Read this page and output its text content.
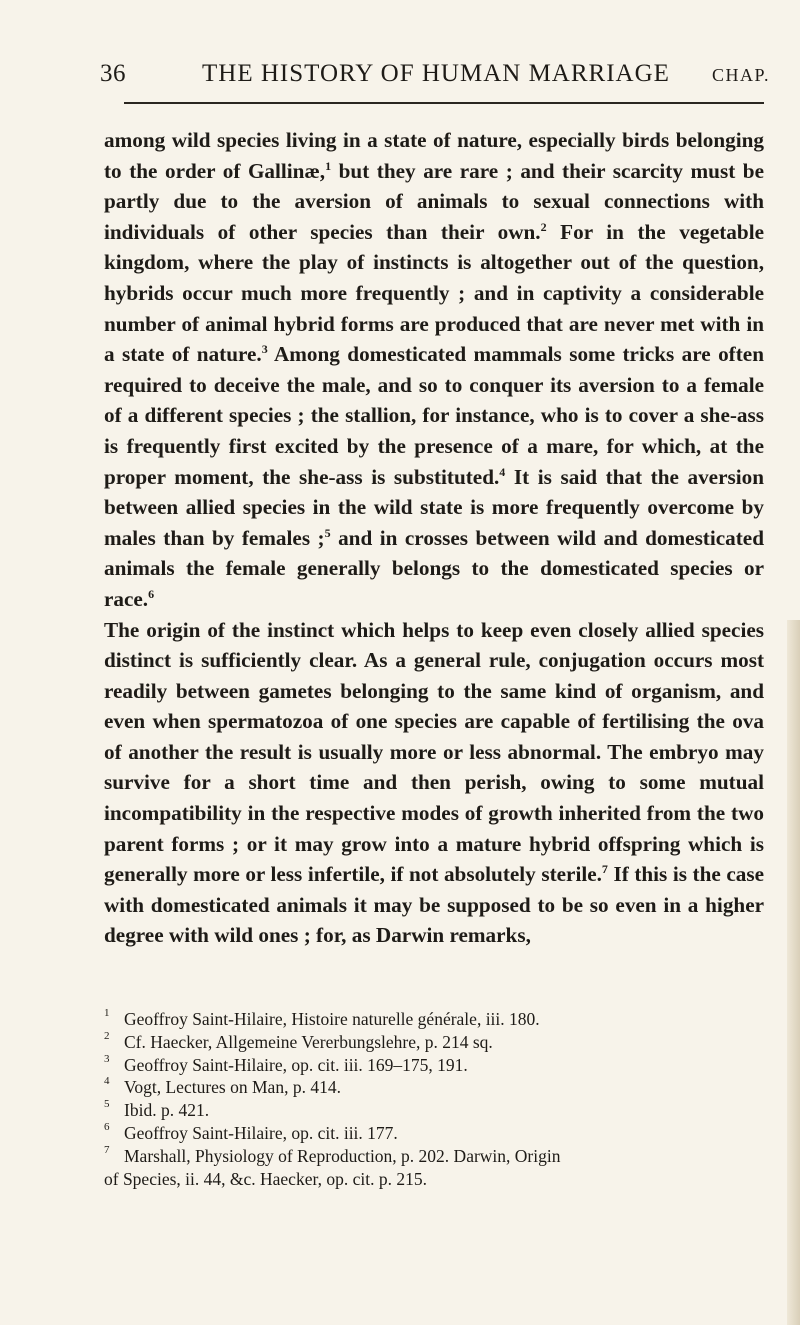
36	THE HISTORY OF HUMAN MARRIAGE CHAP.

among wild species living in a state of nature, especially birds belonging to the order of Gallinæ,$^1$ but they are rare ; and their scarcity must be partly due to the aversion of animals to sexual connections with individuals of other species than their own.$^2$ For in the vegetable kingdom, where the play of instincts is altogether out of the question, hybrids occur much more frequently ; and in captivity a considerable number of animal hybrid forms are produced that are never met with in a state of nature.$^3$ Among domesticated mammals some tricks are often required to deceive the male, and so to conquer its aversion to a female of a different species ; the stallion, for instance, who is to cover a she-ass is frequently first excited by the presence of a mare, for which, at the proper moment, the she-ass is substituted.$^4$ It is said that the aversion between allied species in the wild state is more frequently overcome by males than by females ;$^5$ and in crosses between wild and domesticated animals the female generally belongs to the domesticated species or race.$^6$

The origin of the instinct which helps to keep even closely allied species distinct is sufficiently clear. As a general rule, conjugation occurs most readily between gametes belonging to the same kind of organism, and even when spermatozoa of one species are capable of fertilising the ova of another the result is usually more or less abnormal. The embryo may survive for a short time and then perish, owing to some mutual incompatibility in the respective modes of growth inherited from the two parent forms ; or it may grow into a mature hybrid offspring which is generally more or less infertile, if not absolutely sterile.$^7$ If this is the case with domesticated animals it may be supposed to be so even in a higher degree with wild ones ; for, as Darwin remarks,

1 Geoffroy Saint-Hilaire, Histoire naturelle générale, iii. 180.
2 Cf. Haecker, Allgemeine Vererbungslehre, p. 214 sq.
3 Geoffroy Saint-Hilaire, op. cit. iii. 169–175, 191.
4 Vogt, Lectures on Man, p. 414.
5 Ibid. p. 421.
6 Geoffroy Saint-Hilaire, op. cit. iii. 177.
7 Marshall, Physiology of Reproduction, p. 202. Darwin, Origin
of Species, ii. 44, &c. Haecker, op. cit. p. 215.
